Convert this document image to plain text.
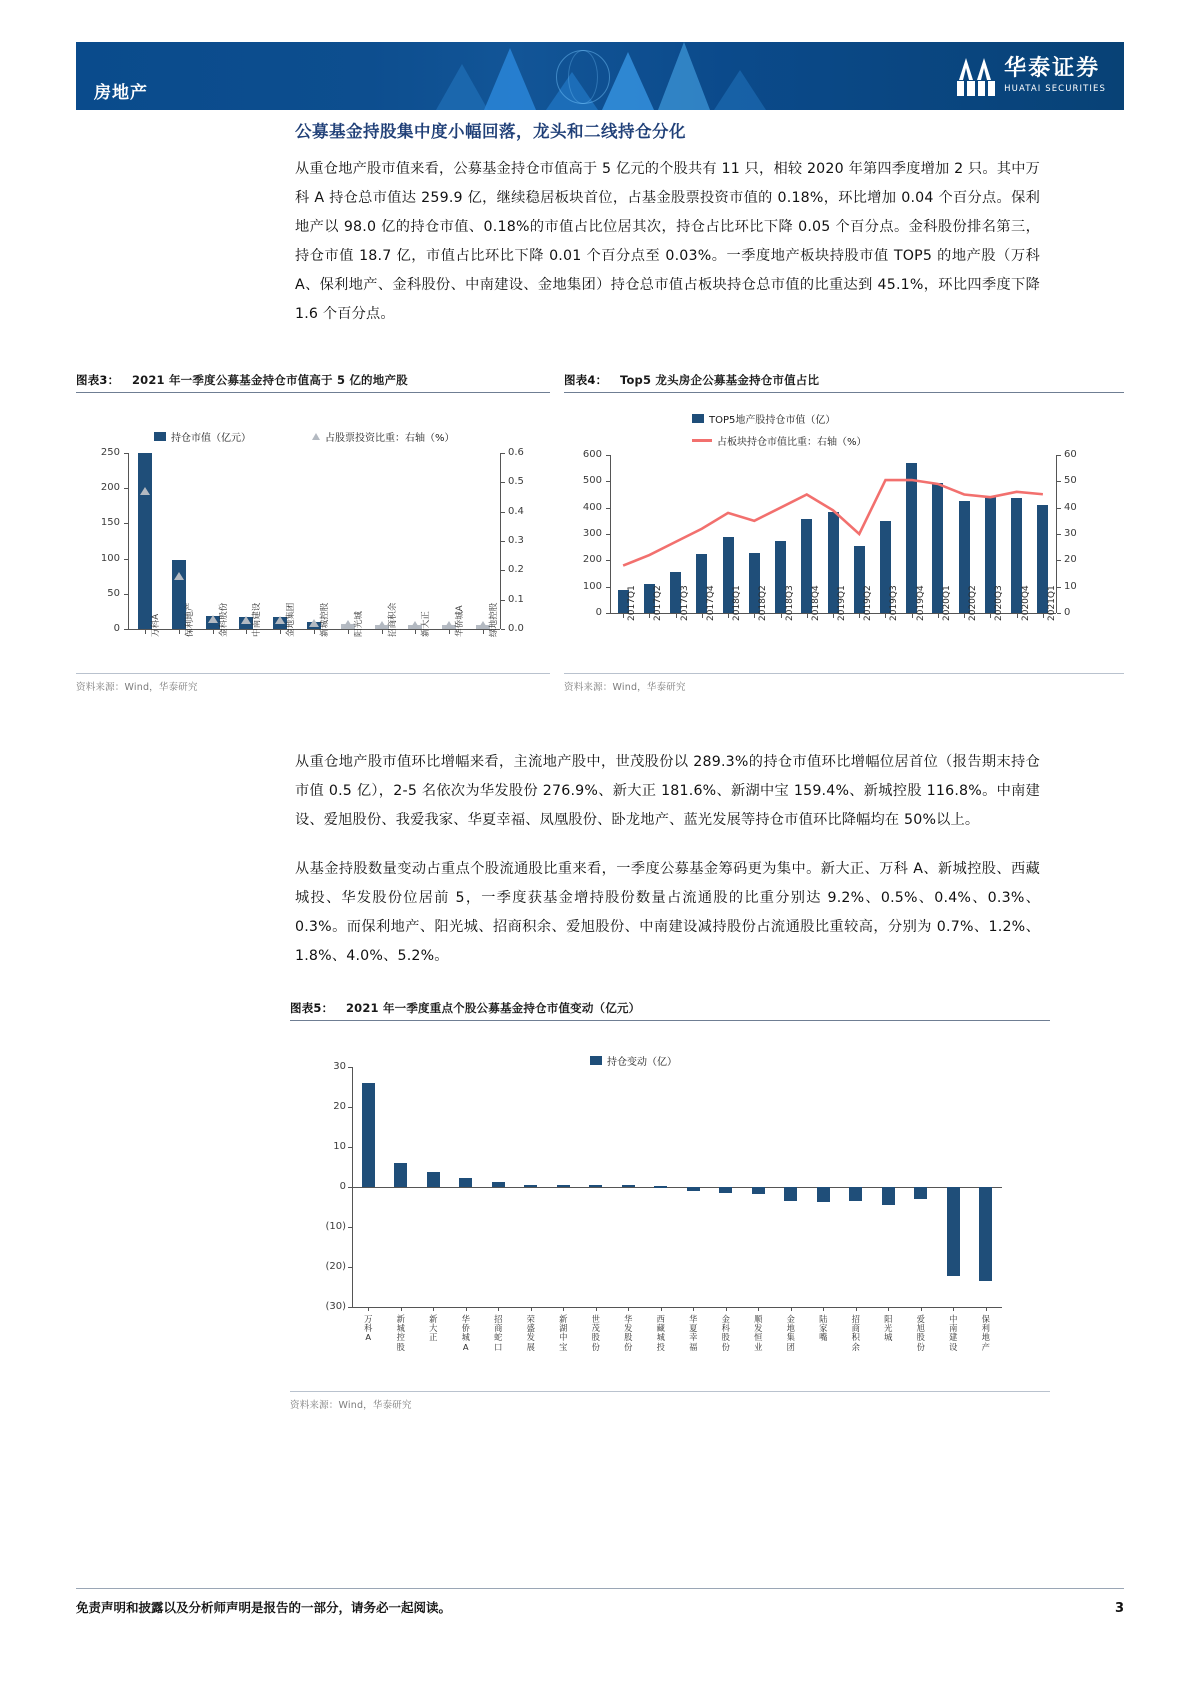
房地产
华泰证券
HUATAI SECURITIES
公募基金持股集中度小幅回落，龙头和二线持仓分化

从重仓地产股市值来看，公募基金持仓市值高于 5 亿元的个股共有 11 只，相较 2020 年第四季度增加 2 只。其中万科 A 持仓总市值达 259.9 亿，继续稳居板块首位，占基金股票投资市值的 0.18%，环比增加 0.04 个百分点。保利地产以 98.0 亿的持仓市值、0.18%的市值占比位居其次，持仓占比环比下降 0.05 个百分点。金科股份排名第三，持仓市值 18.7 亿，市值占比环比下降 0.01 个百分点至 0.03%。一季度地产板块持股市值 TOP5 的地产股（万科 A、保利地产、金科股份、中南建设、金地集团）持仓总市值占板块持仓总市值的比重达到 45.1%，环比四季度下降 1.6 个百分点。

图表3： 2021 年一季度公募基金持仓市值高于 5 亿的地产股
持仓市值（亿元）	占股票投资比重：右轴（%）
0
50
100
150
200
250
0.0
0.1
0.2
0.3
0.4
0.5
0.6
万科A	保利地产	金科股份	中南建设	金地集团	新城控股	阳光城	招商积余	新大正	华侨城A	绿地控股
资料来源：Wind，华泰研究
图表4： Top5 龙头房企公募基金持仓市值占比
TOP5地产股持仓市值（亿）
占板块持仓市值比重：右轴（%）
0
100
200
300
400
500
600
0
10
20
30
40
50
60
2017Q1 2017Q2 2017Q3 2017Q4 2018Q1 2018Q2 2018Q3 2018Q4 2019Q1 2019Q2 2019Q3 2019Q4 2020Q1 2020Q2 2020Q3 2020Q4 2021Q1
资料来源：Wind，华泰研究

从重仓地产股市值环比增幅来看，主流地产股中，世茂股份以 289.3%的持仓市值环比增幅位居首位（报告期末持仓市值 0.5 亿），2-5 名依次为华发股份 276.9%、新大正 181.6%、新湖中宝 159.4%、新城控股 116.8%。中南建设、爱旭股份、我爱我家、华夏幸福、凤凰股份、卧龙地产、蓝光发展等持仓市值环比降幅均在 50%以上。

从基金持股数量变动占重点个股流通股比重来看，一季度公募基金筹码更为集中。新大正、万科 A、新城控股、西藏城投、华发股份位居前 5，一季度获基金增持股份数量占流通股的比重分别达 9.2%、0.5%、0.4%、0.3%、0.3%。而保利地产、阳光城、招商积余、爱旭股份、中南建设减持股份占流通股比重较高，分别为 0.7%、1.2%、1.8%、4.0%、5.2%。

图表5： 2021 年一季度重点个股公募基金持仓市值变动（亿元）
持仓变动（亿）
30
20
10
0
(10)
(20)
(30)
万科A
新城控股
新大正
华侨城A
招商蛇口
荣盛发展
新湖中宝
世茂股份
华发股份
西藏城投
华夏幸福
金科股份
顺发恒业
金地集团
陆家嘴
招商积余
阳光城
爱旭股份
中南建设
保利地产
资料来源：Wind，华泰研究
免责声明和披露以及分析师声明是报告的一部分，请务必一起阅读。	3
